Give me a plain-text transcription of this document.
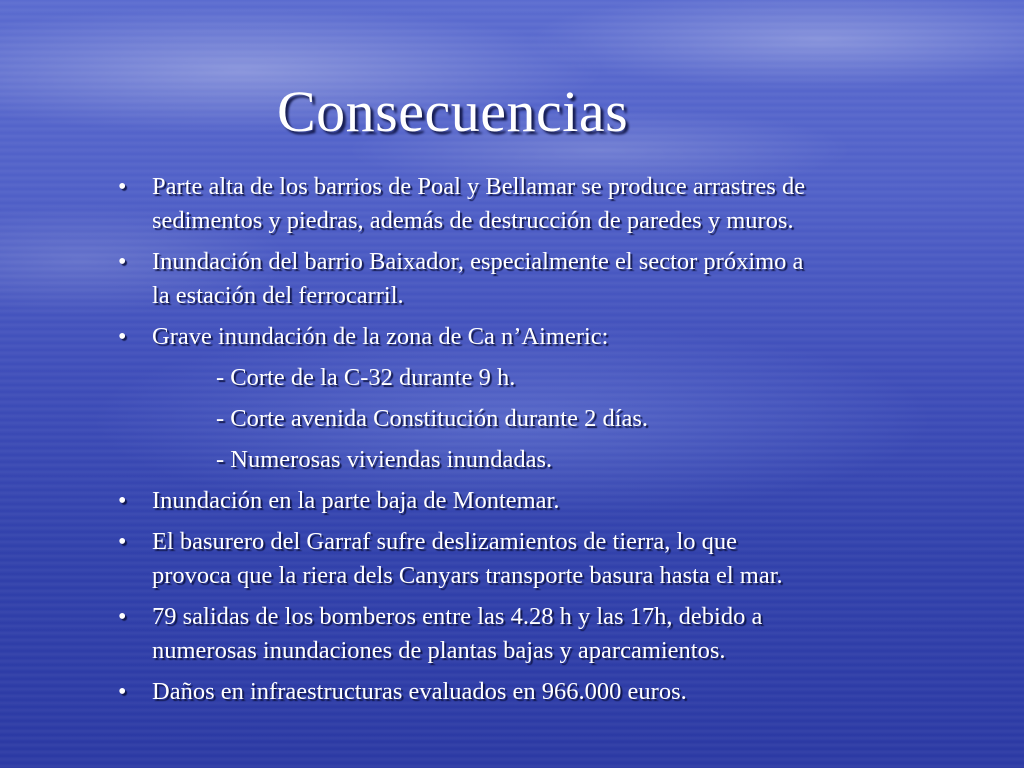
Consecuencias
• Parte alta de los barrios de Poal y Bellamar se produce arrastres de
sedimentos y piedras, además de destrucción de paredes y muros.
• Inundación del barrio Baixador, especialmente el sector próximo a
la estación del ferrocarril.
• Grave inundación de la zona de Ca n’Aimeric:
- Corte de la C-32 durante 9 h.
- Corte avenida Constitución durante 2 días.
- Numerosas viviendas inundadas.
• Inundación en la parte baja de Montemar.
• El basurero del Garraf sufre deslizamientos de tierra, lo que
provoca que la riera dels Canyars transporte basura hasta el mar.
• 79 salidas de los bomberos entre las 4.28 h y las 17h, debido a
numerosas inundaciones de plantas bajas y aparcamientos.
• Daños en infraestructuras evaluados en 966.000 euros.
